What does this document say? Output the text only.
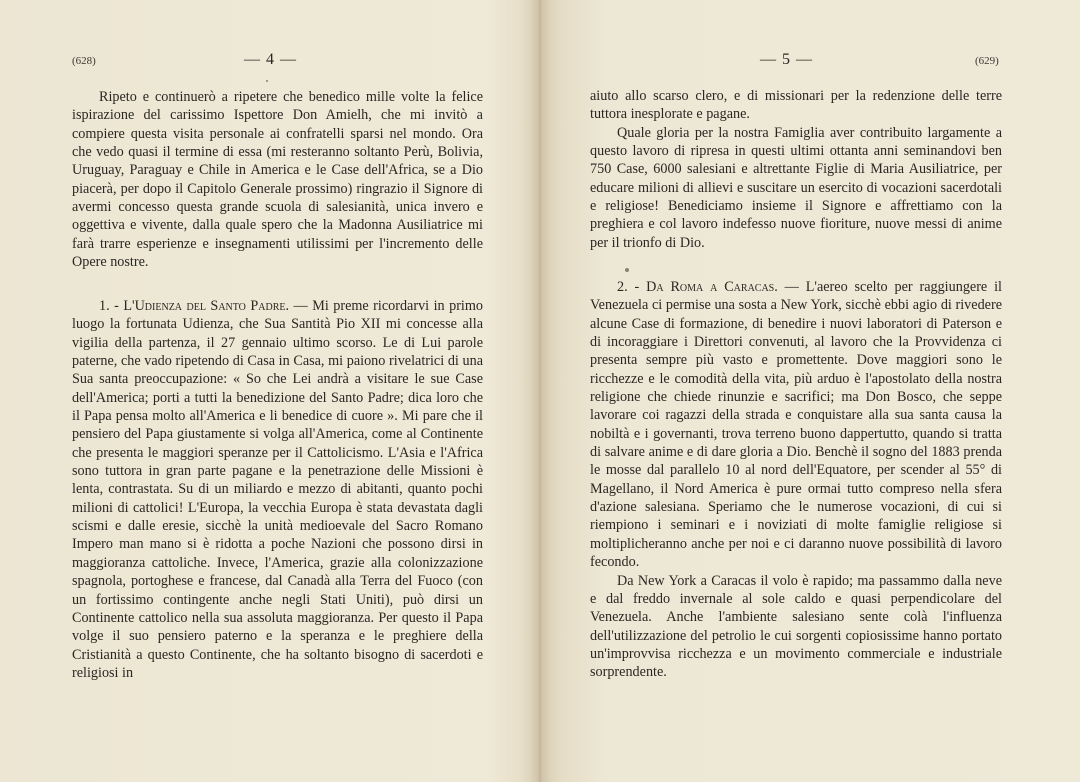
(628)	— 4 —

Ripeto e continuerò a ripetere che benedico mille volte la felice ispirazione del carissimo Ispettore Don Amielh, che mi invitò a compiere questa visita personale ai confratelli sparsi nel mondo. Ora che vedo quasi il termine di essa (mi resteranno soltanto Perù, Bolivia, Uruguay, Paraguay e Chile in America e le Case dell'Africa, se a Dio piacerà, per dopo il Capitolo Generale prossimo) ringrazio il Signore di avermi concesso questa grande scuola di salesianità, unica invero e oggettiva e vivente, dalla quale spero che la Madonna Ausiliatrice mi farà trarre esperienze e insegnamenti utilissimi per l'incremento delle Opere nostre.

1. - L'Udienza del Santo Padre. — Mi preme ricordarvi in primo luogo la fortunata Udienza, che Sua Santità Pio XII mi concesse alla vigilia della partenza, il 27 gennaio ultimo scorso. Le di Lui parole paterne, che vado ripetendo di Casa in Casa, mi paiono rivelatrici di una Sua santa preoccupazione: « So che Lei andrà a visitare le sue Case dell'America; porti a tutti la benedizione del Santo Padre; dica loro che il Papa pensa molto all'America e li benedice di cuore ». Mi pare che il pensiero del Papa giustamente si volga all'America, come al Continente che presenta le maggiori speranze per il Cattolicismo. L'Asia e l'Africa sono tuttora in gran parte pagane e la penetrazione delle Missioni è lenta, contrastata. Su di un miliardo e mezzo di abitanti, quanto pochi milioni di cattolici! L'Europa, la vecchia Europa è stata devastata dagli scismi e dalle eresie, sicchè la unità medioevale del Sacro Romano Impero man mano si è ridotta a poche Nazioni che possono dirsi in maggioranza cattoliche. Invece, l'America, grazie alla colonizzazione spagnola, portoghese e francese, dal Canadà alla Terra del Fuoco (con un fortissimo contingente anche negli Stati Uniti), può dirsi un Continente cattolico nella sua assoluta maggioranza. Per questo il Papa volge il suo pensiero paterno e la speranza e le preghiere della Cristianità a questo Continente, che ha soltanto bisogno di sacerdoti e religiosi in

— 5 —	(629)

aiuto allo scarso clero, e di missionari per la redenzione delle terre tuttora inesplorate e pagane.

Quale gloria per la nostra Famiglia aver contribuito largamente a questo lavoro di ripresa in questi ultimi ottanta anni seminandovi ben 750 Case, 6000 salesiani e altrettante Figlie di Maria Ausiliatrice, per educare milioni di allievi e suscitare un esercito di vocazioni sacerdotali e religiose! Benediciamo insieme il Signore e affrettiamo con la preghiera e col lavoro indefesso nuove fioriture, nuove messi di anime per il trionfo di Dio.

2. - Da Roma a Caracas. — L'aereo scelto per raggiungere il Venezuela ci permise una sosta a New York, sicchè ebbi agio di rivedere alcune Case di formazione, di benedire i nuovi laboratori di Paterson e di incoraggiare i Direttori convenuti, al lavoro che la Provvidenza ci presenta sempre più vasto e promettente. Dove maggiori sono le ricchezze e le comodità della vita, più arduo è l'apostolato della nostra religione che chiede rinunzie e sacrifici; ma Don Bosco, che seppe lavorare coi ragazzi della strada e conquistare alla sua santa causa la nobiltà e i governanti, trova terreno buono dappertutto, quando si tratta di salvare anime e di dare gloria a Dio. Benchè il sogno del 1883 prenda le mosse dal parallelo 10 al nord dell'Equatore, per scender al 55° di Magellano, il Nord America è pure ormai tutto compreso nella sfera d'azione salesiana. Speriamo che le numerose vocazioni, di cui si riempiono i seminari e i noviziati di molte famiglie religiose si moltiplicheranno anche per noi e ci daranno nuove possibilità di lavoro fecondo.

Da New York a Caracas il volo è rapido; ma passammo dalla neve e dal freddo invernale al sole caldo e quasi perpendicolare del Venezuela. Anche l'ambiente salesiano sente colà l'influenza dell'utilizzazione del petrolio le cui sorgenti copiosissime hanno portato un'improvvisa ricchezza e un movimento commerciale e industriale sorprendente.
